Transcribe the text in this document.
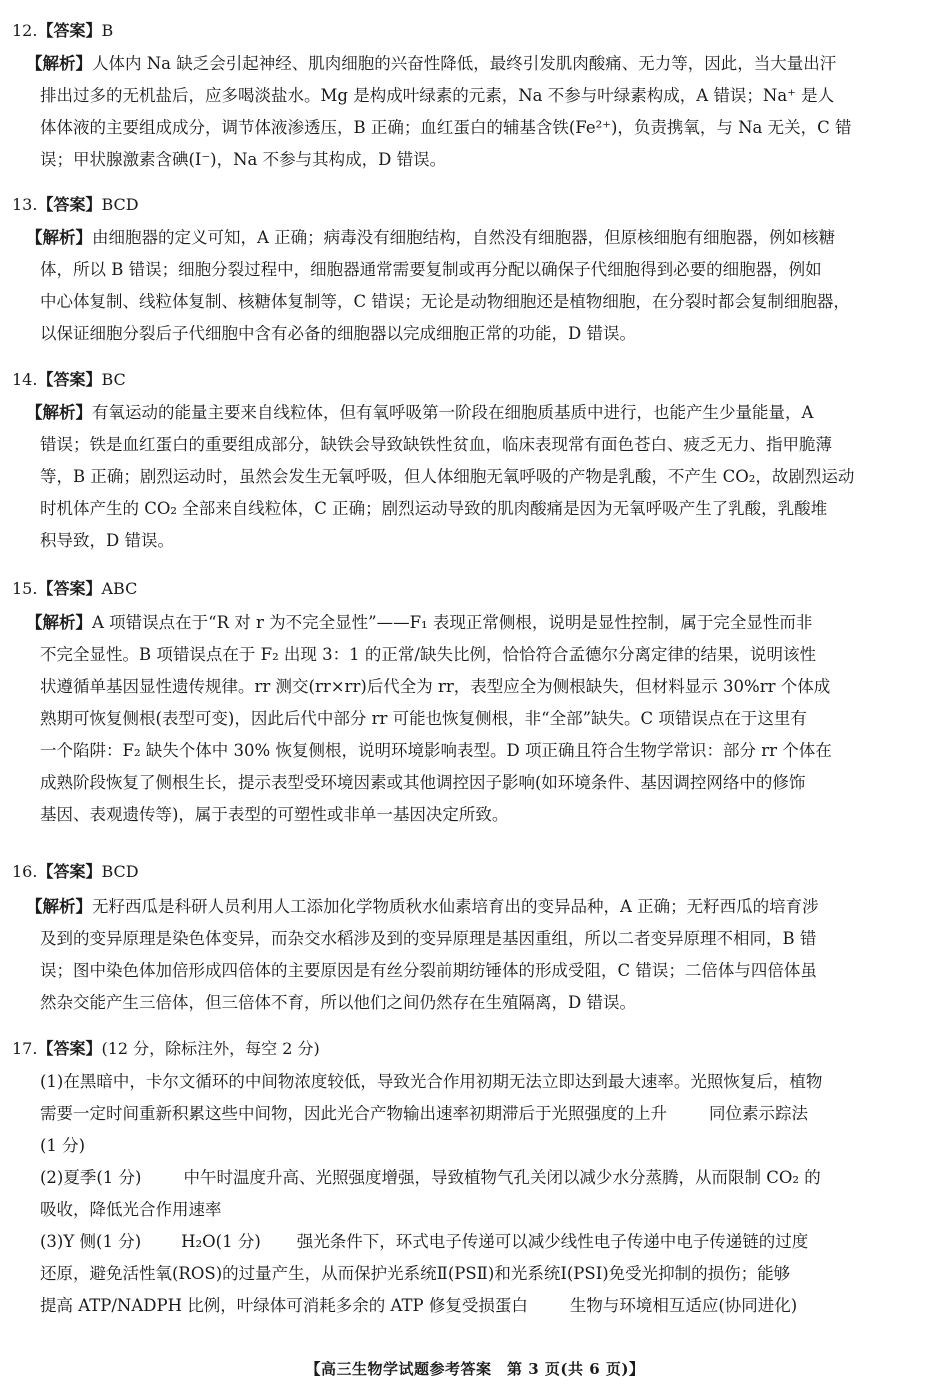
12.【答案】B
【解析】人体内 Na 缺乏会引起神经、肌肉细胞的兴奋性降低，最终引发肌肉酸痛、无力等，因此，当大量出汗
排出过多的无机盐后，应多喝淡盐水。Mg 是构成叶绿素的元素，Na 不参与叶绿素构成，A 错误；Na⁺ 是人
体体液的主要组成成分，调节体液渗透压，B 正确；血红蛋白的辅基含铁(Fe²⁺)，负责携氧，与 Na 无关，C 错
误；甲状腺激素含碘(I⁻)，Na 不参与其构成，D 错误。
13.【答案】BCD
【解析】由细胞器的定义可知，A 正确；病毒没有细胞结构，自然没有细胞器，但原核细胞有细胞器，例如核糖
体，所以 B 错误；细胞分裂过程中，细胞器通常需要复制或再分配以确保子代细胞得到必要的细胞器，例如
中心体复制、线粒体复制、核糖体复制等，C 错误；无论是动物细胞还是植物细胞，在分裂时都会复制细胞器，
以保证细胞分裂后子代细胞中含有必备的细胞器以完成细胞正常的功能，D 错误。
14.【答案】BC
【解析】有氧运动的能量主要来自线粒体，但有氧呼吸第一阶段在细胞质基质中进行，也能产生少量能量，A
错误；铁是血红蛋白的重要组成部分，缺铁会导致缺铁性贫血，临床表现常有面色苍白、疲乏无力、指甲脆薄
等，B 正确；剧烈运动时，虽然会发生无氧呼吸，但人体细胞无氧呼吸的产物是乳酸，不产生 CO₂，故剧烈运动
时机体产生的 CO₂ 全部来自线粒体，C 正确；剧烈运动导致的肌肉酸痛是因为无氧呼吸产生了乳酸，乳酸堆
积导致，D 错误。
15.【答案】ABC
【解析】A 项错误点在于“R 对 r 为不完全显性”——F₁ 表现正常侧根，说明是显性控制，属于完全显性而非
不完全显性。B 项错误点在于 F₂ 出现 3：1 的正常/缺失比例，恰恰符合孟德尔分离定律的结果，说明该性
状遵循单基因显性遗传规律。rr 测交(rr×rr)后代全为 rr，表型应全为侧根缺失，但材料显示 30%rr 个体成
熟期可恢复侧根(表型可变)，因此后代中部分 rr 可能也恢复侧根，非“全部”缺失。C 项错误点在于这里有
一个陷阱：F₂ 缺失个体中 30% 恢复侧根，说明环境影响表型。D 项正确且符合生物学常识：部分 rr 个体在
成熟阶段恢复了侧根生长，提示表型受环境因素或其他调控因子影响(如环境条件、基因调控网络中的修饰
基因、表观遗传等)，属于表型的可塑性或非单一基因决定所致。
16.【答案】BCD
【解析】无籽西瓜是科研人员利用人工添加化学物质秋水仙素培育出的变异品种，A 正确；无籽西瓜的培育涉
及到的变异原理是染色体变异，而杂交水稻涉及到的变异原理是基因重组，所以二者变异原理不相同，B 错
误；图中染色体加倍形成四倍体的主要原因是有丝分裂前期纺锤体的形成受阻，C 错误；二倍体与四倍体虽
然杂交能产生三倍体，但三倍体不育，所以他们之间仍然存在生殖隔离，D 错误。
17.【答案】(12 分，除标注外，每空 2 分)
(1)在黑暗中，卡尔文循环的中间物浓度较低，导致光合作用初期无法立即达到最大速率。光照恢复后，植物
需要一定时间重新积累这些中间物，因此光合产物输出速率初期滞后于光照强度的上升	同位素示踪法
(1 分)
(2)夏季(1 分)	中午时温度升高、光照强度增强，导致植物气孔关闭以减少水分蒸腾，从而限制 CO₂ 的
吸收，降低光合作用速率
(3)Y 侧(1 分) H₂O(1 分) 强光条件下，环式电子传递可以减少线性电子传递中电子传递链的过度
还原，避免活性氧(ROS)的过量产生，从而保护光系统Ⅱ(PSⅡ)和光系统Ⅰ(PSⅠ)免受光抑制的损伤；能够
提高 ATP/NADPH 比例，叶绿体可消耗多余的 ATP 修复受损蛋白	生物与环境相互适应(协同进化)
【高三生物学试题参考答案　第 3 页(共 6 页)】
